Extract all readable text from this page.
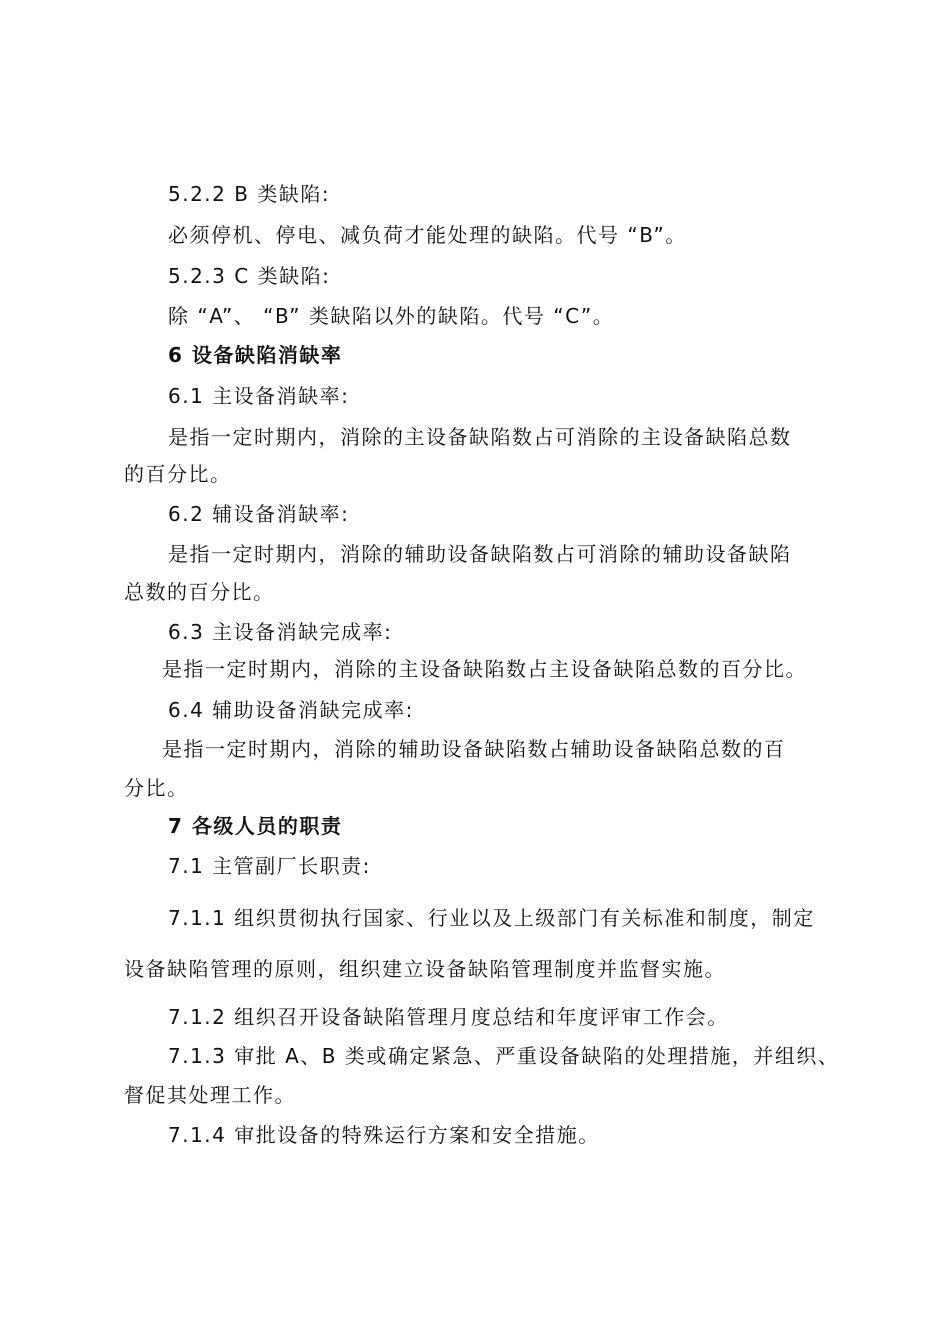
5.2.2 B 类缺陷:
必须停机、停电、减负荷才能处理的缺陷。代号 “B”。
5.2.3 C 类缺陷:
除 “A”、 “B” 类缺陷以外的缺陷。代号 “C”。
6 设备缺陷消缺率
6.1 主设备消缺率:
是指一定时期内，消除的主设备缺陷数占可消除的主设备缺陷总数
的百分比。
6.2 辅设备消缺率:
是指一定时期内，消除的辅助设备缺陷数占可消除的辅助设备缺陷
总数的百分比。
6.3 主设备消缺完成率:
是指一定时期内，消除的主设备缺陷数占主设备缺陷总数的百分比。
6.4 辅助设备消缺完成率:
是指一定时期内，消除的辅助设备缺陷数占辅助设备缺陷总数的百
分比。
7 各级人员的职责
7.1 主管副厂长职责:
7.1.1 组织贯彻执行国家、行业以及上级部门有关标准和制度，制定
设备缺陷管理的原则，组织建立设备缺陷管理制度并监督实施。
7.1.2 组织召开设备缺陷管理月度总结和年度评审工作会。
7.1.3 审批 A、B 类或确定紧急、严重设备缺陷的处理措施，并组织、
督促其处理工作。
7.1.4 审批设备的特殊运行方案和安全措施。
